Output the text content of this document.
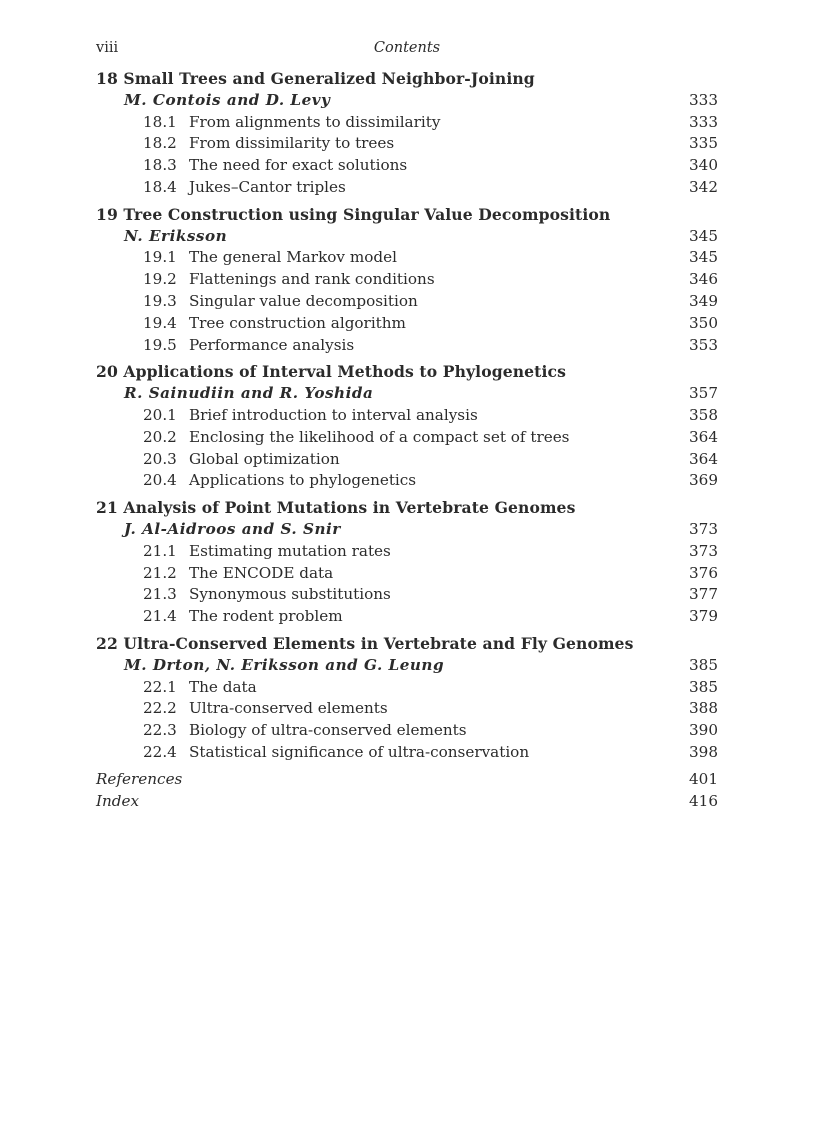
viii	Contents
18 Small Trees and Generalized Neighbor-Joining
M. Contois and D. Levy	333
18.1 From alignments to dissimilarity	333
18.2 From dissimilarity to trees	335
18.3 The need for exact solutions	340
18.4 Jukes–Cantor triples	342
19 Tree Construction using Singular Value Decomposition
N. Eriksson	345
19.1 The general Markov model	345
19.2 Flattenings and rank conditions	346
19.3 Singular value decomposition	349
19.4 Tree construction algorithm	350
19.5 Performance analysis	353
20 Applications of Interval Methods to Phylogenetics
R. Sainudiin and R. Yoshida	357
20.1 Brief introduction to interval analysis	358
20.2 Enclosing the likelihood of a compact set of trees	364
20.3 Global optimization	364
20.4 Applications to phylogenetics	369
21 Analysis of Point Mutations in Vertebrate Genomes
J. Al-Aidroos and S. Snir	373
21.1 Estimating mutation rates	373
21.2 The ENCODE data	376
21.3 Synonymous substitutions	377
21.4 The rodent problem	379
22 Ultra-Conserved Elements in Vertebrate and Fly Genomes
M. Drton, N. Eriksson and G. Leung	385
22.1 The data	385
22.2 Ultra-conserved elements	388
22.3 Biology of ultra-conserved elements	390
22.4 Statistical significance of ultra-conservation	398
References	401
Index	416
